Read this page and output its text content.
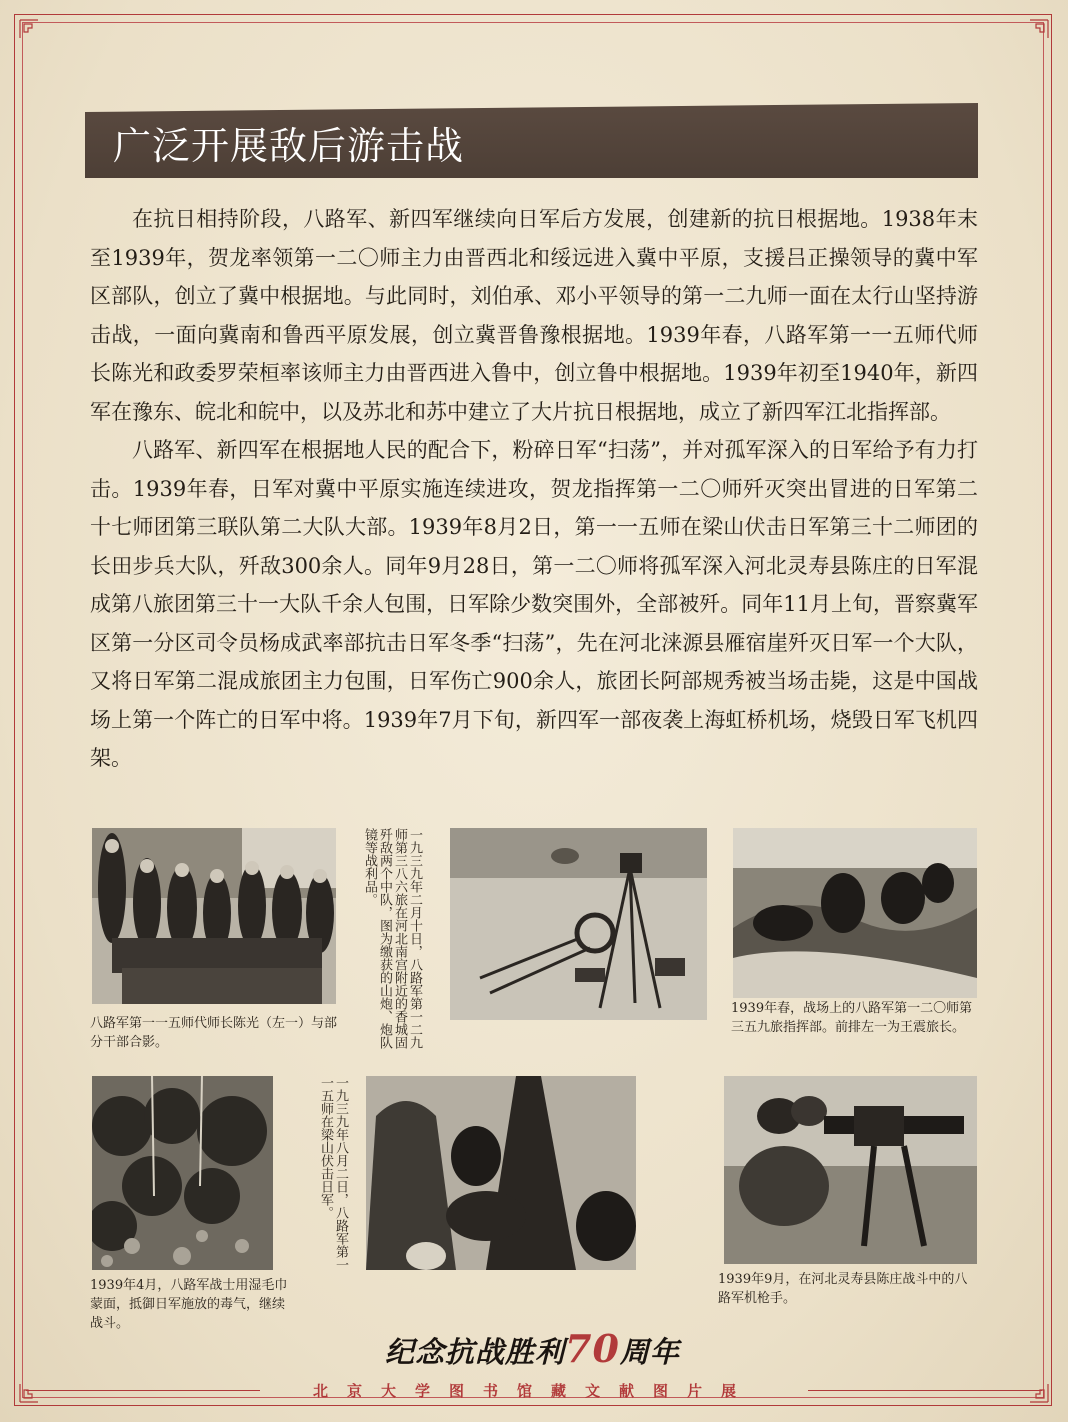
广泛开展敌后游击战

在抗日相持阶段，八路军、新四军继续向日军后方发展，创建新的抗日根据地。1938年末至1939年，贺龙率领第一二〇师主力由晋西北和绥远进入冀中平原，支援吕正操领导的冀中军区部队，创立了冀中根据地。与此同时，刘伯承、邓小平领导的第一二九师一面在太行山坚持游击战，一面向冀南和鲁西平原发展，创立冀晋鲁豫根据地。1939年春，八路军第一一五师代师长陈光和政委罗荣桓率该师主力由晋西进入鲁中，创立鲁中根据地。1939年初至1940年，新四军在豫东、皖北和皖中，以及苏北和苏中建立了大片抗日根据地，成立了新四军江北指挥部。

八路军、新四军在根据地人民的配合下，粉碎日军“扫荡”，并对孤军深入的日军给予有力打击。1939年春，日军对冀中平原实施连续进攻，贺龙指挥第一二〇师歼灭突出冒进的日军第二十七师团第三联队第二大队大部。1939年8月2日，第一一五师在梁山伏击日军第三十二师团的长田步兵大队，歼敌300余人。同年9月28日，第一二〇师将孤军深入河北灵寿县陈庄的日军混成第八旅团第三十一大队千余人包围，日军除少数突围外，全部被歼。同年11月上旬，晋察冀军区第一分区司令员杨成武率部抗击日军冬季“扫荡”，先在河北涞源县雁宿崖歼灭日军一个大队，又将日军第二混成旅团主力包围，日军伤亡900余人，旅团长阿部规秀被当场击毙，这是中国战场上第一个阵亡的日军中将。1939年7月下旬，新四军一部夜袭上海虹桥机场，烧毁日军飞机四架。

八路军第一一五师代师长陈光（左一）与部分干部合影。	一九三九年二月十日，八路军第一二九师第三八六旅在河北南宫附近的香城固歼敌两个中队，图为缴获的山炮、炮队镜等战利品。
1939年春，战场上的八路军第一二〇师第三五九旅指挥部。前排左一为王震旅长。
1939年4月，八路军战士用湿毛巾蒙面，抵御日军施放的毒气，继续战斗。
一九三九年八月二日，八路军第一一五师在梁山伏击日军。
1939年9月，在河北灵寿县陈庄战斗中的八路军机枪手。
纪念抗战胜利70周年
北京大学图书馆藏文献图片展
